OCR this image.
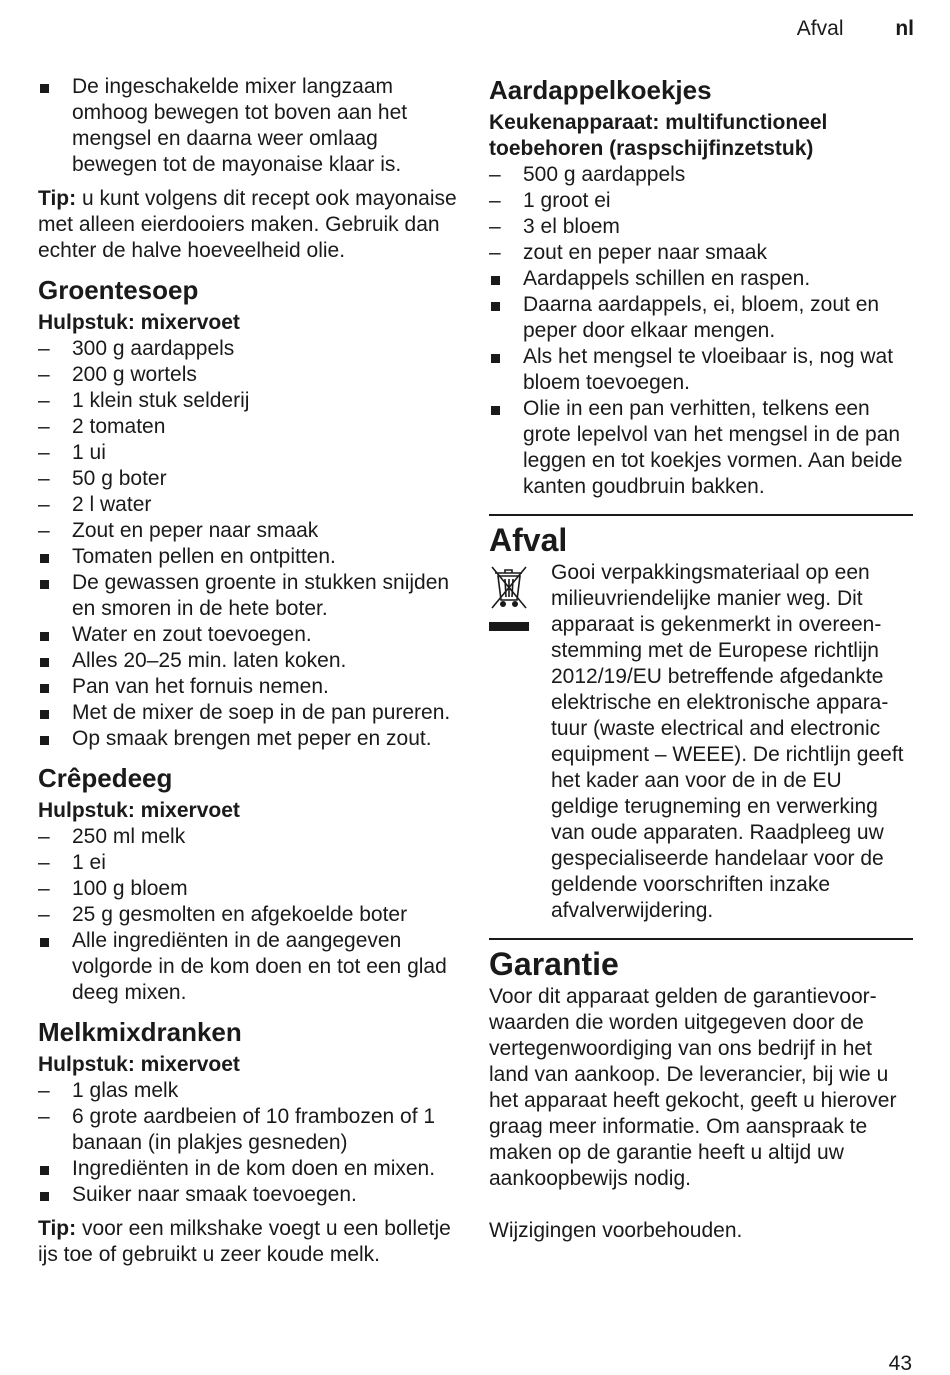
Afval nl
De ingeschakelde mixer langzaam omhoog bewegen tot boven aan het mengsel en daarna weer omlaag bewegen tot de mayonaise klaar is.

Tip: u kunt volgens dit recept ook mayonaise met alleen eierdooiers maken. Gebruik dan echter de halve hoeveelheid olie.

Groentesoep

Hulpstuk: mixervoet

– 300 g aardappels
– 200 g wortels
– 1 klein stuk selderij
– 2 tomaten
– 1 ui
– 50 g boter
– 2 l water
– Zout en peper naar smaak
Tomaten pellen en ontpitten.
De gewassen groente in stukken snijden en smoren in de hete boter.
Water en zout toevoegen.
Alles 20–25 min. laten koken.
Pan van het fornuis nemen.
Met de mixer de soep in de pan pureren.
Op smaak brengen met peper en zout.
Crêpedeeg

Hulpstuk: mixervoet

– 250 ml melk
– 1 ei
– 100 g bloem
– 25 g gesmolten en afgekoelde boter
Alle ingrediënten in de aangegeven volgorde in de kom doen en tot een glad deeg mixen.
Melkmixdranken

Hulpstuk: mixervoet

– 1 glas melk
– 6 grote aardbeien of 10 frambozen of 1 banaan (in plakjes gesneden)
Ingrediënten in de kom doen en mixen.
Suiker naar smaak toevoegen.

Tip: voor een milkshake voegt u een bolletje ijs toe of gebruikt u zeer koude melk.

Aardappelkoekjes

Keukenapparaat: multifunctioneel toebehoren (raspschijfinzetstuk)

– 500 g aardappels
– 1 groot ei
– 3 el bloem
– zout en peper naar smaak
Aardappels schillen en raspen.
Daarna aardappels, ei, bloem, zout en peper door elkaar mengen.
Als het mengsel te vloeibaar is, nog wat bloem toevoegen.
Olie in een pan verhitten, telkens een grote lepelvol van het mengsel in de pan leggen en tot koekjes vormen. Aan beide kanten goudbruin bakken.
Afval

Gooi verpakkingsmateriaal op een milieuvriendelijke manier weg. Dit apparaat is gekenmerkt in overeen-stemming met de Europese richtlijn 2012/19/EU betreffende afgedankte elektrische en elektronische appara-tuur (waste electrical and electronic equipment – WEEE). De richtlijn geeft het kader aan voor de in de EU geldige terugneming en verwerking van oude apparaten. Raadpleeg uw gespecialiseerde handelaar voor de geldende voorschriften inzake afvalverwijdering.

Garantie

Voor dit apparaat gelden de garantievoor-waarden die worden uitgegeven door de vertegenwoordiging van ons bedrijf in het land van aankoop. De leverancier, bij wie u het apparaat heeft gekocht, geeft u hierover graag meer informatie. Om aanspraak te maken op de garantie heeft u altijd uw aankoopbewijs nodig.

Wijzigingen voorbehouden.

43
